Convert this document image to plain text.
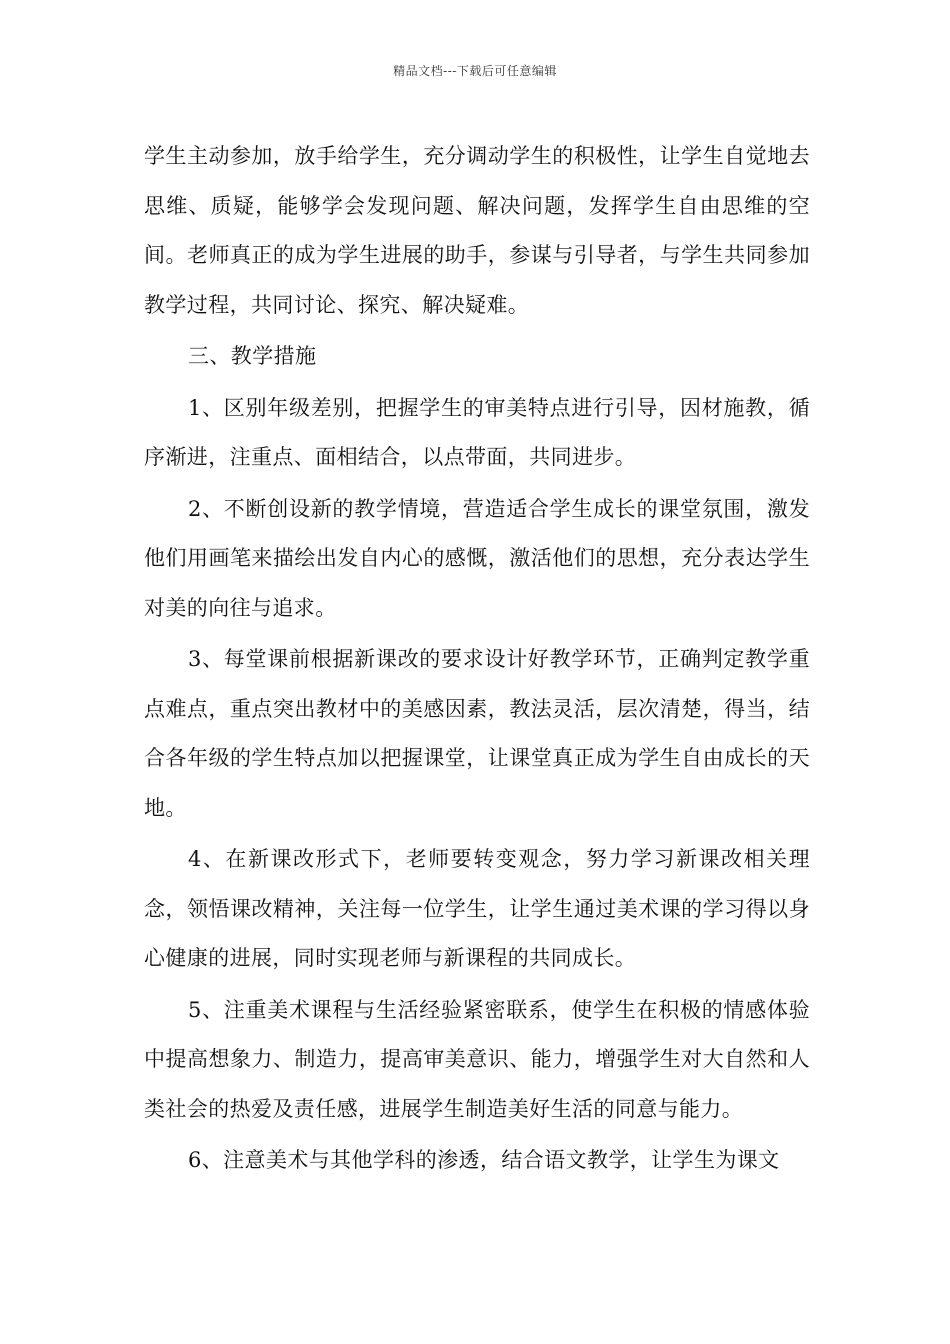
精品文档---下载后可任意编辑

学生主动参加，放手给学生，充分调动学生的积极性，让学生自觉地去思维、质疑，能够学会发现问题、解决问题，发挥学生自由思维的空间。老师真正的成为学生进展的助手，参谋与引导者，与学生共同参加教学过程，共同讨论、探究、解决疑难。

三、教学措施

1、区别年级差别，把握学生的审美特点进行引导，因材施教，循序渐进，注重点、面相结合，以点带面，共同进步。

2、不断创设新的教学情境，营造适合学生成长的课堂氛围，激发他们用画笔来描绘出发自内心的感慨，激活他们的思想，充分表达学生对美的向往与追求。

3、每堂课前根据新课改的要求设计好教学环节，正确判定教学重点难点，重点突出教材中的美感因素，教法灵活，层次清楚，得当，结合各年级的学生特点加以把握课堂，让课堂真正成为学生自由成长的天地。

4、在新课改形式下，老师要转变观念，努力学习新课改相关理念，领悟课改精神，关注每一位学生，让学生通过美术课的学习得以身心健康的进展，同时实现老师与新课程的共同成长。

5、注重美术课程与生活经验紧密联系，使学生在积极的情感体验中提高想象力、制造力，提高审美意识、能力，增强学生对大自然和人类社会的热爱及责任感，进展学生制造美好生活的同意与能力。

6、注意美术与其他学科的渗透，结合语文教学，让学生为课文
